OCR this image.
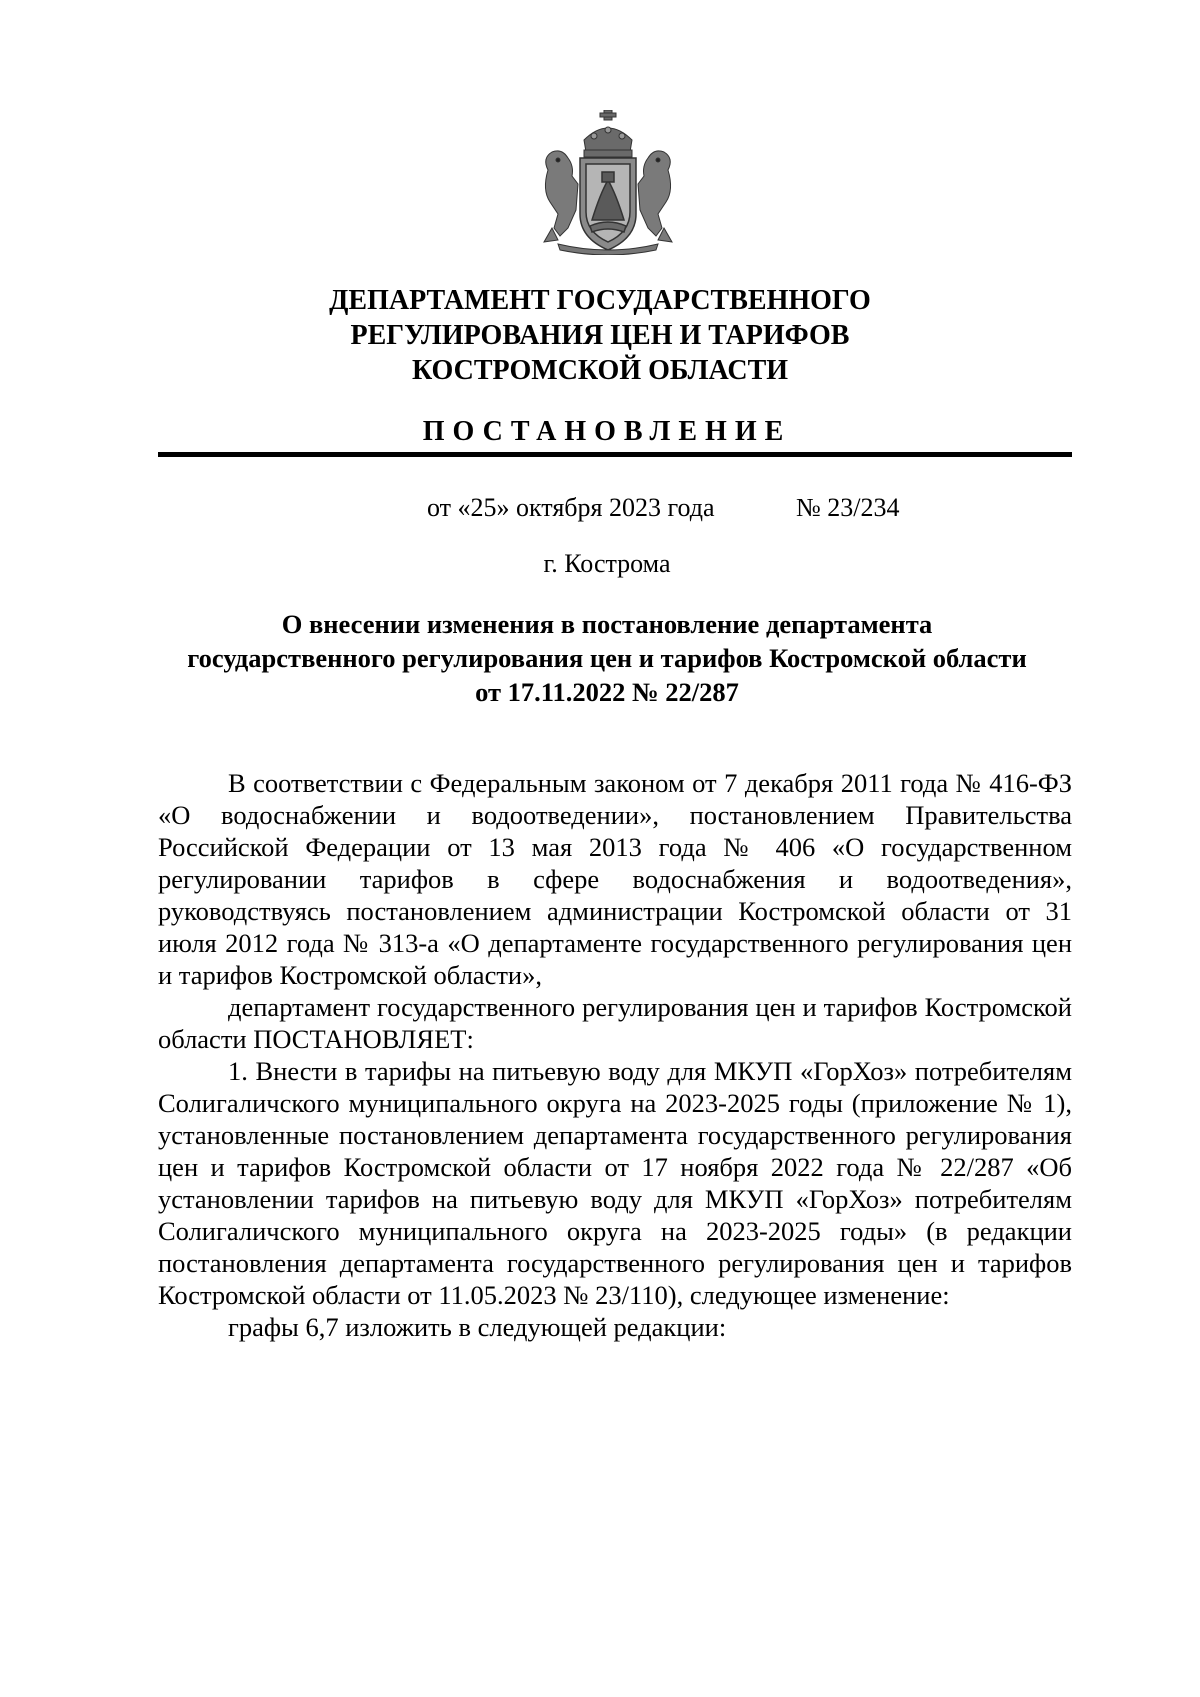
ДЕПАРТАМЕНТ ГОСУДАРСТВЕННОГО
РЕГУЛИРОВАНИЯ ЦЕН И ТАРИФОВ
КОСТРОМСКОЙ ОБЛАСТИ
ПОСТАНОВЛЕНИЕ
от «25» октября 2023 года	№ 23/234
г. Кострома
О внесении изменения в постановление департамента
государственного регулирования цен и тарифов Костромской области
от 17.11.2022 № 22/287

В соответствии с Федеральным законом от 7 декабря 2011 года № 416-ФЗ «О водоснабжении и водоотведении», постановлением Правительства Российской Федерации от 13 мая 2013 года № 406 «О государственном регулировании тарифов в сфере водоснабжения и водоотведения», руководствуясь постановлением администрации Костромской области от 31 июля 2012 года № 313-а «О департаменте государственного регулирования цен и тарифов Костромской области»,

департамент государственного регулирования цен и тарифов Костромской области ПОСТАНОВЛЯЕТ:

1. Внести в тарифы на питьевую воду для МКУП «ГорХоз» потребителям Солигаличского муниципального округа на 2023-2025 годы (приложение № 1), установленные постановлением департамента государственного регулирования цен и тарифов Костромской области от 17 ноября 2022 года № 22/287 «Об установлении тарифов на питьевую воду для МКУП «ГорХоз» потребителям Солигаличского муниципального округа на 2023-2025 годы» (в редакции постановления департамента государственного регулирования цен и тарифов Костромской области от 11.05.2023 № 23/110), следующее изменение:

графы 6,7 изложить в следующей редакции:
